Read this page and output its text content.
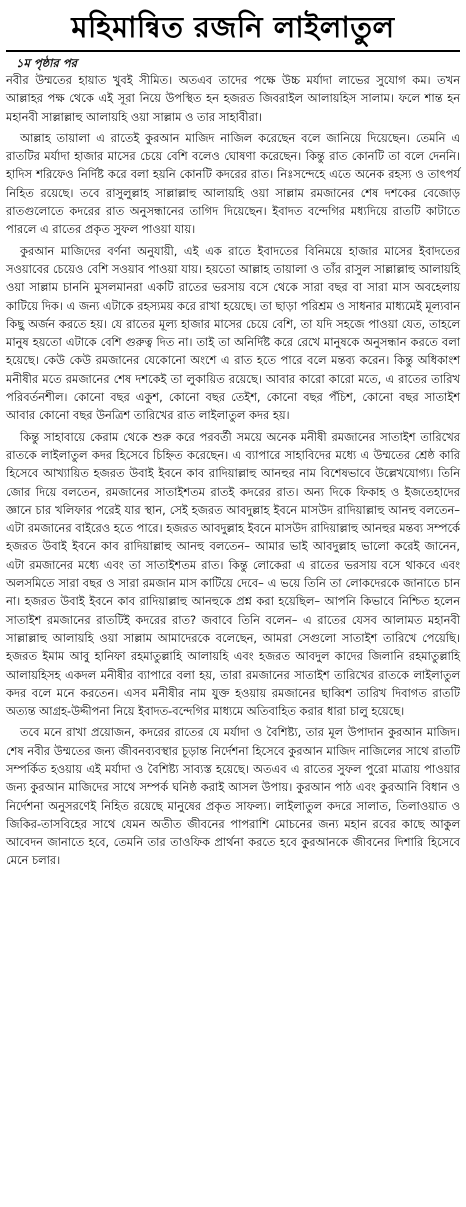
মহিমান্বিত রজনি লাইলাতুল
১ম পৃষ্ঠার পর

নবীর উম্মতের হায়াত খুবই সীমিত। অতএব তাদের পক্ষে উচ্চ মর্যাদা লাভের সুযোগ কম। তখন আল্লাহর পক্ষ থেকে এই সূরা নিয়ে উপস্থিত হন হজরত জিবরাইল আলায়হিস সালাম। ফলে শান্ত হন মহানবী সাল্লাল্লাহু আলায়হি ওয়া সাল্লাম ও তার সাহাবীরা।

আল্লাহ তায়ালা এ রাতেই কুরআন মাজিদ নাজিল করেছেন বলে জানিয়ে দিয়েছেন। তেমনি এ রাতটির মর্যাদা হাজার মাসের চেয়ে বেশি বলেও ঘোষণা করেছেন। কিন্তু রাত কোনটি তা বলে দেননি। হাদিস শরিফেও নির্দিষ্ট করে বলা হয়নি কোনটি কদরের রাত। নিঃসন্দেহে এতে অনেক রহস্য ও তাৎপর্য নিহিত রয়েছে। তবে রাসুলুল্লাহ সাল্লাল্লাহু আলায়হি ওয়া সাল্লাম রমজানের শেষ দশকের বেজোড় রাতগুলোতে কদরের রাত অনুসন্ধানের তাগিদ দিয়েছেন। ইবাদত বন্দেগির মধ্যদিয়ে রাতটি কাটাতে পারলে এ রাতের প্রকৃত সুফল পাওয়া যায়।

কুরআন মাজিদের বর্ণনা অনুযায়ী, এই এক রাতে ইবাদতের বিনিময়ে হাজার মাসের ইবাদতের সওয়াবের চেয়েও বেশি সওয়াব পাওয়া যায়। হয়তো আল্লাহ তায়ালা ও তাঁর রাসুল সাল্লাল্লাহু আলায়হি ওয়া সাল্লাম চাননি মুসলমানরা একটি রাতের ভরসায় বসে থেকে সারা বছর বা সারা মাস অবহেলায় কাটিয়ে দিক। এ জন্য এটাকে রহস্যময় করে রাখা হয়েছে। তা ছাড়া পরিশ্রম ও সাধনার মাধ্যমেই মূল্যবান কিছু অর্জন করতে হয়। যে রাতের মূল্য হাজার মাসের চেয়ে বেশি, তা যদি সহজে পাওয়া যেত, তাহলে মানুষ হয়তো এটাকে বেশি গুরুত্ব দিত না। তাই তা অনির্দিষ্ট করে রেখে মানুষকে অনুসন্ধান করতে বলা হয়েছে। কেউ কেউ রমজানের যেকোনো অংশে এ রাত হতে পারে বলে মন্তব্য করেন। কিন্তু অধিকাংশ মনীষীর মতে রমজানের শেষ দশকেই তা লুকায়িত রয়েছে। আবার কারো কারো মতে, এ রাতের তারিখ পরিবর্তনশীল। কোনো বছর একুশ, কোনো বছর তেইশ, কোনো বছর পঁচিশ, কোনো বছর সাতাইশ আবার কোনো বছর উনত্রিশ তারিখের রাত লাইলাতুল কদর হয়।

কিন্তু সাহাবায়ে কেরাম থেকে শুরু করে পরবর্তী সময়ে অনেক মনীষী রমজানের সাতাইশ তারিখের রাতকে লাইলাতুল কদর হিসেবে চিহ্নিত করেছেন। এ ব্যাপারে সাহাবিদের মধ্যে এ উম্মতের শ্রেষ্ঠ কারি হিসেবে আখ্যায়িত হজরত উবাই ইবনে কাব রাদিয়াল্লাহু আনহুর নাম বিশেষভাবে উল্লেখযোগ্য। তিনি জোর দিয়ে বলতেন, রমজানের সাতাইশতম রাতই কদরের রাত। অন্য দিকে ফিকাহ ও ইজতেহাদের জ্ঞানে চার খলিফার পরেই যার স্থান, সেই হজরত আবদুল্লাহ ইবনে মাসউদ রাদিয়াল্লাহু আনহু বলতেন– এটা রমজানের বাইরেও হতে পারে। হজরত আবদুল্লাহ ইবনে মাসউদ রাদিয়াল্লাহু আনহুর মন্তব্য সম্পর্কে হজরত উবাই ইবনে কাব রাদিয়াল্লাহু আনহু বলতেন– আমার ভাই আবদুল্লাহ ভালো করেই জানেন, এটা রমজানের মধ্যে এবং তা সাতাইশতম রাত। কিন্তু লোকেরা এ রাতের ভরসায় বসে থাকবে এবং অলসমিতে সারা বছর ও সারা রমজান মাস কাটিয়ে দেবে– এ ভয়ে তিনি তা লোকদেরকে জানাতে চান না। হজরত উবাই ইবনে কাব রাদিয়াল্লাহু আনহুকে প্রশ্ন করা হয়েছিল– আপনি কিভাবে নিশ্চিত হলেন সাতাইশ রমজানের রাতটিই কদরের রাত? জবাবে তিনি বলেন– এ রাতের যেসব আলামত মহানবী সাল্লাল্লাহু আলায়হি ওয়া সাল্লাম আমাদেরকে বলেছেন, আমরা সেগুলো সাতাইশ তারিখে পেয়েছি। হজরত ইমাম আবু হানিফা রহমাতুল্লাহি আলায়হি এবং হজরত আবদুল কাদের জিলানি রহমাতুল্লাহি আলায়হিসহ একদল মনীষীর ব্যাপারে বলা হয়, তারা রমজানের সাতাইশ তারিখের রাতকে লাইলাতুল কদর বলে মনে করতেন। এসব মনীষীর নাম যুক্ত হওয়ায় রমজানের ছাব্বিশ তারিখ দিবাগত রাতটি অত্যন্ত আগ্রহ-উদ্দীপনা নিয়ে ইবাদত-বন্দেগির মাধ্যমে অতিবাহিত করার ধারা চালু হয়েছে।

তবে মনে রাখা প্রয়োজন, কদরের রাতের যে মর্যাদা ও বৈশিষ্ট্য, তার মূল উপাদান কুরআন মাজিদ। শেষ নবীর উম্মতের জন্য জীবনব্যবস্থার চূড়ান্ত নির্দেশনা হিসেবে কুরআন মাজিদ নাজিলের সাথে রাতটি সম্পর্কিত হওয়ায় এই মর্যাদা ও বৈশিষ্ট্য সাব্যস্ত হয়েছে। অতএব এ রাতের সুফল পুরো মাত্রায় পাওয়ার জন্য কুরআন মাজিদের সাথে সম্পর্ক ঘনিষ্ঠ করাই আসল উপায়। কুরআন পাঠ এবং কুরআনি বিধান ও নির্দেশনা অনুসরণেই নিহিত রয়েছে মানুষের প্রকৃত সাফল্য। লাইলাতুল কদরে সালাত, তিলাওয়াত ও জিকির-তাসবিহের সাথে যেমন অতীত জীবনের পাপরাশি মোচনের জন্য মহান রবের কাছে আকুল আবেদন জানাতে হবে, তেমনি তার তাওফিক প্রার্থনা করতে হবে কুরআনকে জীবনের দিশারি হিসেবে মেনে চলার।
